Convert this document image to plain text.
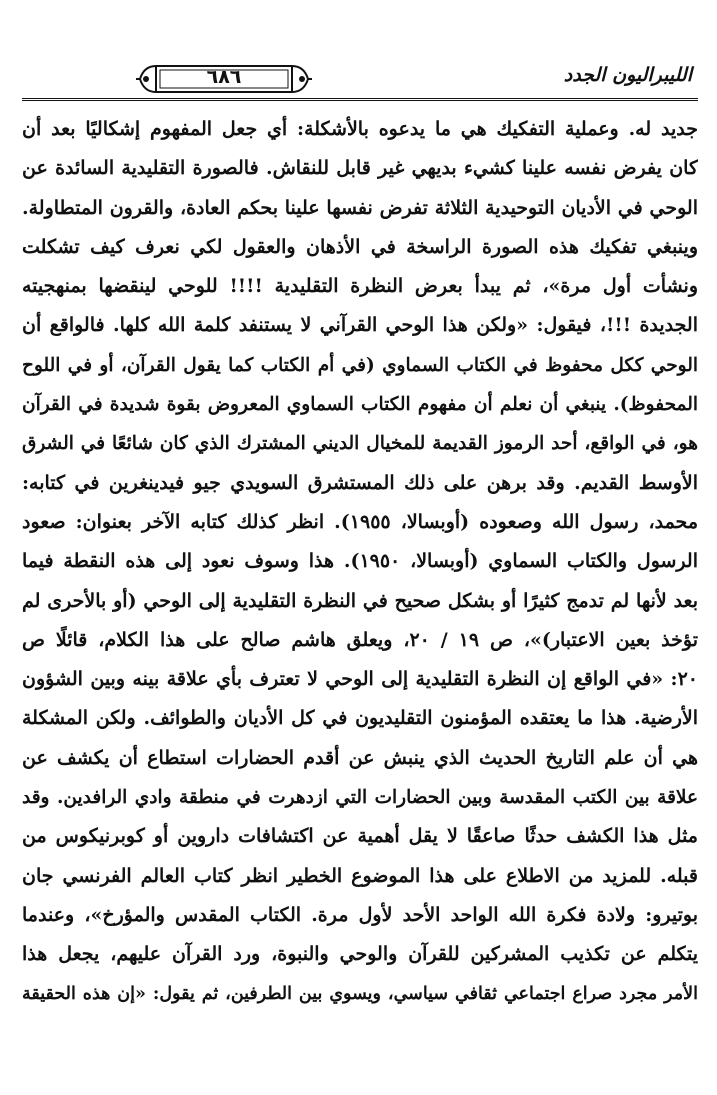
الليبراليون الجدد
٦٨٦
جديد له. وعملية التفكيك هي ما يدعوه بالأشكلة: أي جعل المفهوم إشكاليًا بعد أن
كان يفرض نفسه علينا كشيء بديهي غير قابل للنقاش. فالصورة التقليدية السائدة عن
الوحي في الأديان التوحيدية الثلاثة تفرض نفسها علينا بحكم العادة، والقرون المتطاولة.
وينبغي تفكيك هذه الصورة الراسخة في الأذهان والعقول لكي نعرف كيف تشكلت
ونشأت أول مرة»، ثم يبدأ بعرض النظرة التقليدية !!!! للوحي لينقضها بمنهجيته
الجديدة !!!، فيقول: «ولكن هذا الوحي القرآني لا يستنفد كلمة الله كلها. فالواقع أن
الوحي ككل محفوظ في الكتاب السماوي (في أم الكتاب كما يقول القرآن، أو في اللوح
المحفوظ). ينبغي أن نعلم أن مفهوم الكتاب السماوي المعروض بقوة شديدة في القرآن
هو، في الواقع، أحد الرموز القديمة للمخيال الديني المشترك الذي كان شائعًا في الشرق
الأوسط القديم. وقد برهن على ذلك المستشرق السويدي جيو فيدينغرين في كتابه:
محمد، رسول الله وصعوده (أوبسالا، ١٩٥٥). انظر كذلك كتابه الآخر بعنوان: صعود
الرسول والكتاب السماوي (أوبسالا، ١٩٥٠). هذا وسوف نعود إلى هذه النقطة فيما
بعد لأنها لم تدمج كثيرًا أو بشكل صحيح في النظرة التقليدية إلى الوحي (أو بالأحرى لم
تؤخذ بعين الاعتبار)»، ص ١٩ / ٢٠، ويعلق هاشم صالح على هذا الكلام، قائلًا ص
٢٠: «في الواقع إن النظرة التقليدية إلى الوحي لا تعترف بأي علاقة بينه وبين الشؤون
الأرضية. هذا ما يعتقده المؤمنون التقليديون في كل الأديان والطوائف. ولكن المشكلة
هي أن علم التاريخ الحديث الذي ينبش عن أقدم الحضارات استطاع أن يكشف عن
علاقة بين الكتب المقدسة وبين الحضارات التي ازدهرت في منطقة وادي الرافدين. وقد
مثل هذا الكشف حدثًا صاعقًا لا يقل أهمية عن اكتشافات داروين أو كوبرنيكوس من
قبله. للمزيد من الاطلاع على هذا الموضوع الخطير انظر كتاب العالم الفرنسي جان
بوتيرو: ولادة فكرة الله الواحد الأحد لأول مرة. الكتاب المقدس والمؤرخ»، وعندما
يتكلم عن تكذيب المشركين للقرآن والوحي والنبوة، ورد القرآن عليهم، يجعل هذا
الأمر مجرد صراع اجتماعي ثقافي سياسي، ويسوي بين الطرفين، ثم يقول: «إن هذه الحقيقة
